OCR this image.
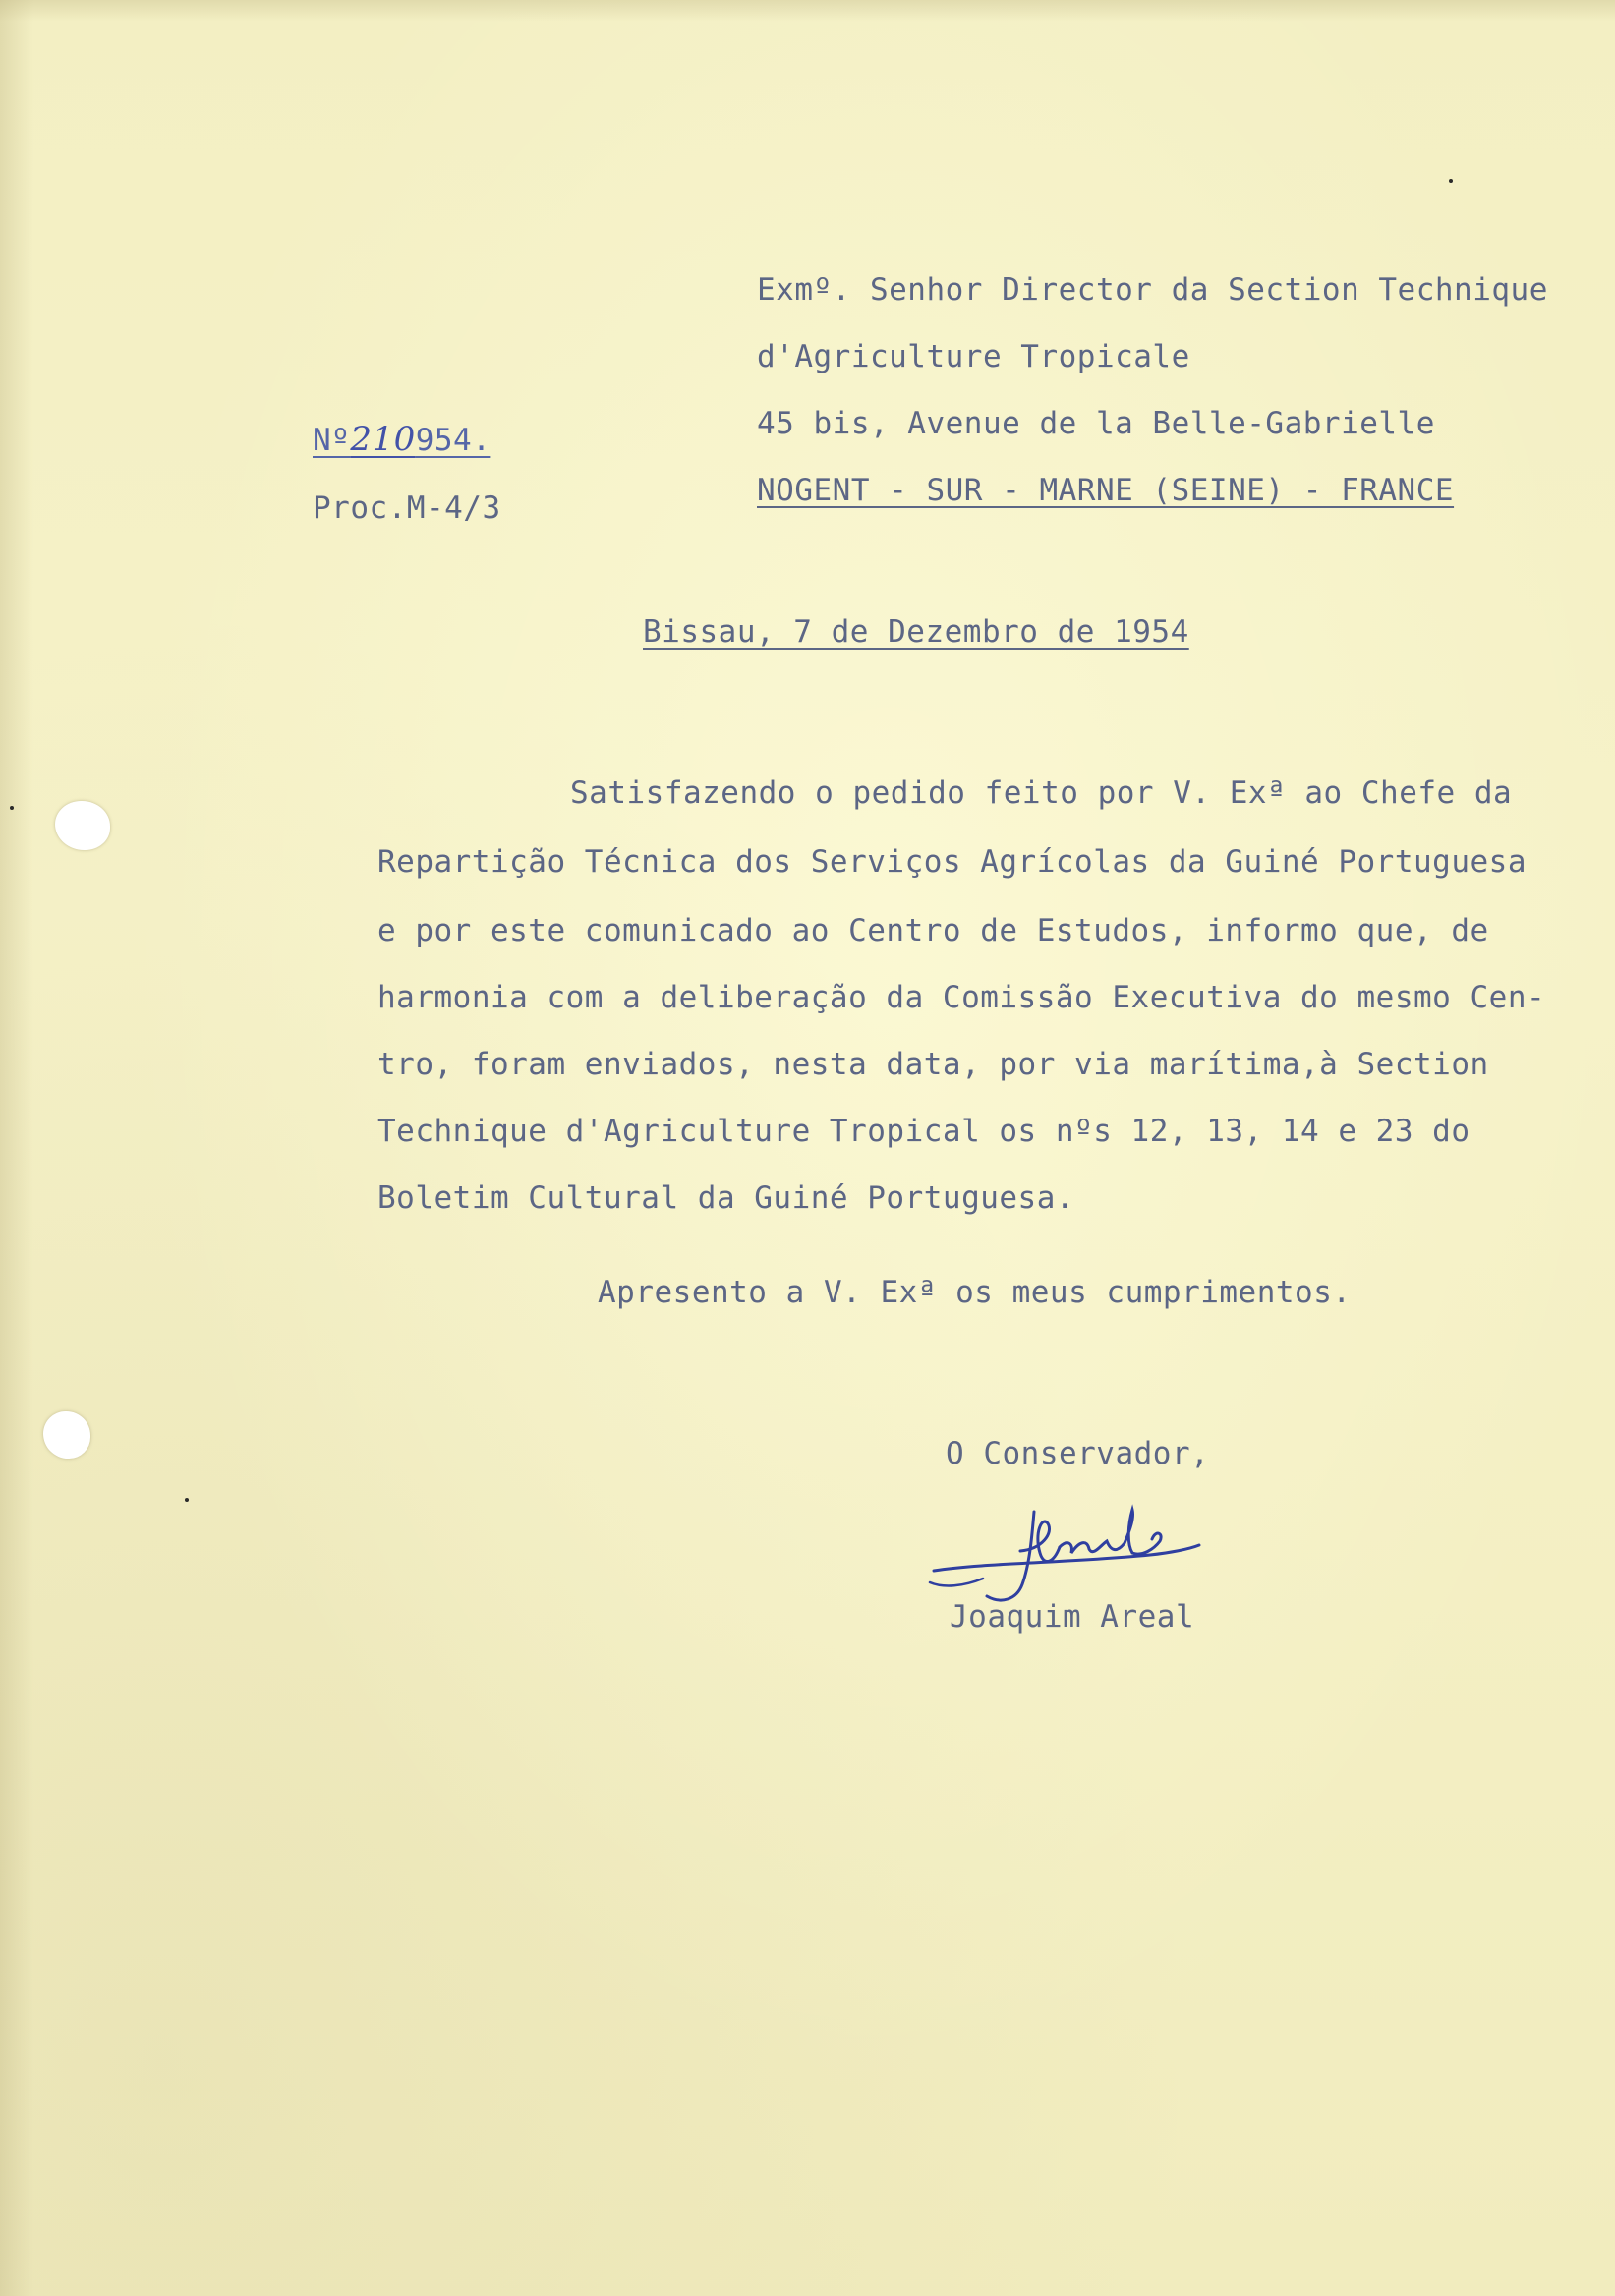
Exmº. Senhor Director da Section Technique
d'Agriculture Tropicale
45 bis, Avenue de la Belle-Gabrielle
NOGENT - SUR - MARNE (SEINE) - FRANCE
Nº210954.
Proc.M-4/3
Bissau, 7 de Dezembro de 1954
Satisfazendo o pedido feito por V. Exª ao Chefe da
Repartição Técnica dos Serviços Agrícolas da Guiné Portuguesa
e por este comunicado ao Centro de Estudos, informo que, de
harmonia com a deliberação da Comissão Executiva do mesmo Cen-
tro, foram enviados, nesta data, por via marítima,à Section
Technique d'Agriculture Tropical os nºs 12, 13, 14 e 23 do
Boletim Cultural da Guiné Portuguesa.
Apresento a V. Exª os meus cumprimentos.
O Conservador,
Joaquim Areal
